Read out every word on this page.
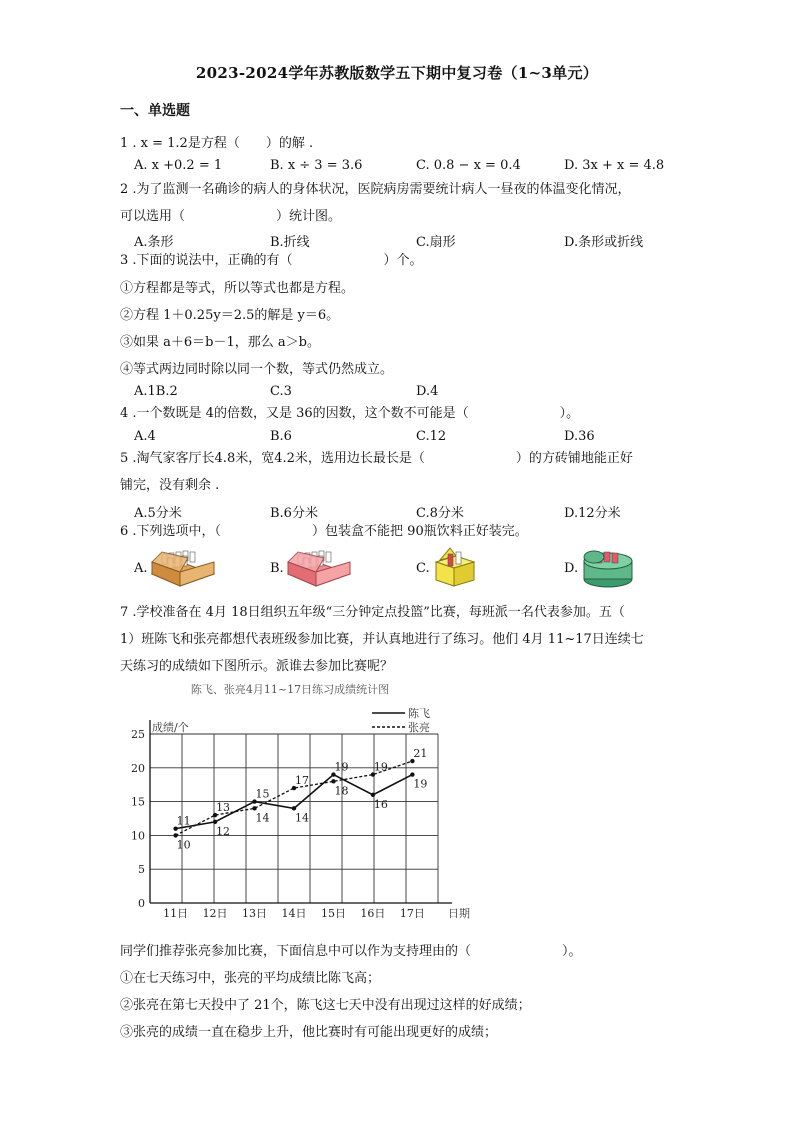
2023-2024学年苏教版数学五下期中复习卷（1~3单元）
一、单选题
1 . x = 1.2是方程（　　）的解 .
A. x +0.2 = 1	B. x ÷ 3 = 3.6	C. 0.8 − x = 0.4	D. 3x + x = 4.8
2 .为了监测一名确诊的病人的身体状况，医院病房需要统计病人一昼夜的体温变化情况，
可以选用（　　　　　　　）统计图。
A.条形	B.折线	C.扇形	D.条形或折线
3 .下面的说法中，正确的有（　　　　　　　）个。
①方程都是等式，所以等式也都是方程。
②方程 1＋0.25y＝2.5的解是 y＝6。
③如果 a＋6＝b－1，那么 a＞b。
④等式两边同时除以同一个数，等式仍然成立。
A.1B.2	C.3	D.4
4 .一个数既是 4的倍数，又是 36的因数，这个数不可能是（　　　　　　　）。
A.4	B.6	C.12	D.36
5 .淘气家客厅长4.8米，宽4.2米，选用边长最长是（　　　　　　　）的方砖铺地能正好
铺完，没有剩余 .
A.5分米	B.6分米	C.8分米	D.12分米
6 .下列选项中，（　　　　　　　）包装盒不能把 90瓶饮料正好装完。
A.	B.	C.	D.
7 .学校准备在 4月 18日组织五年级“三分钟定点投篮”比赛，每班派一名代表参加。五（
1）班陈飞和张亮都想代表班级参加比赛，并认真地进行了练习。他们 4月 11~17日连续七
天练习的成绩如下图所示。派谁去参加比赛呢？
陈飞、张亮4月11~17日练习成绩统计图
成绩/个
日期
陈飞
张亮
0
5
10
15
20
25
11日 12日 13日 14日 15日 16日 17日
11
12
15
14
19
16
19
10
13
14
17
18
19
21
同学们推荐张亮参加比赛，下面信息中可以作为支持理由的（　　　　　　　）。
①在七天练习中，张亮的平均成绩比陈飞高；
②张亮在第七天投中了 21个，陈飞这七天中没有出现过这样的好成绩；
③张亮的成绩一直在稳步上升，他比赛时有可能出现更好的成绩；
